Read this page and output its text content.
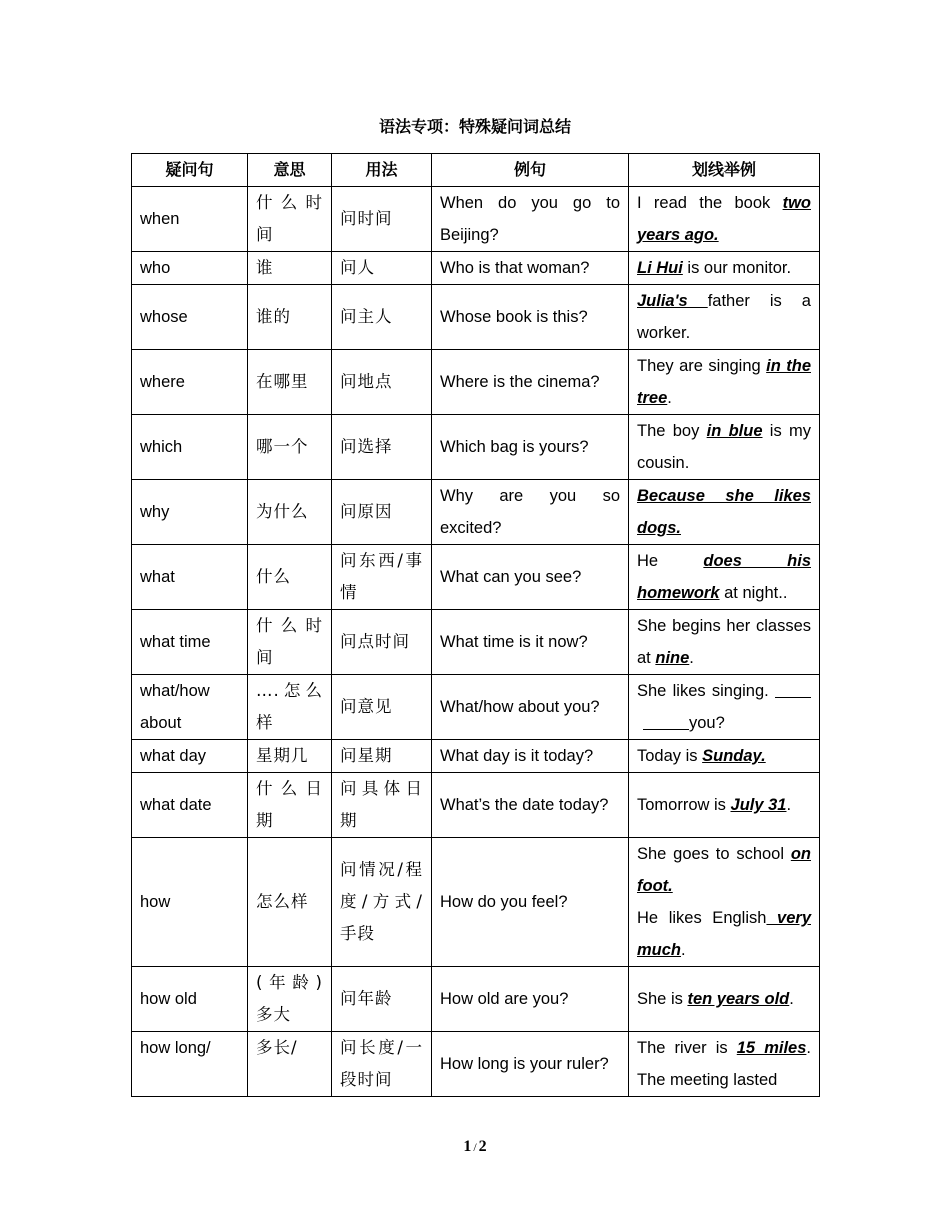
语法专项：特殊疑问词总结
疑问句	意思	用法	例句	划线举例
when	什么时间	问时间	When do you go to Beijing?	I read the book two years ago.
who	谁	问人	Who is that woman?	Li Hui is our monitor.
whose	谁的	问主人	Whose book is this?	Julia's father is a worker.
where	在哪里	问地点	Where is the cinema?	They are singing in the tree.
which	哪一个	问选择	Which bag is yours?	The boy in blue is my cousin.
why	为什么	问原因	Why are you so excited?	Because she likes dogs.
what	什么	问东西/事情	What can you see?	He does his homework at night..
what time	什么时间	问点时间	What time is it now?	She begins her classes at nine.
what/how about	….怎么样	问意见	What/how about you?	She likes singing. you?
what day	星期几	问星期	What day is it today?	Today is Sunday.
what date	什么日期	问具体日期	What’s the date today?	Tomorrow is July 31.
how	怎么样	问情况/程度/方式/手段	How do you feel?	She goes to school on foot.
He likes English very much.
how old	(年龄)多大	问年龄	How old are you?	She is ten years old.
how long/	多长/	问长度/一段时间	How long is your ruler?	The river is 15 miles. The meeting lasted
1 / 2
